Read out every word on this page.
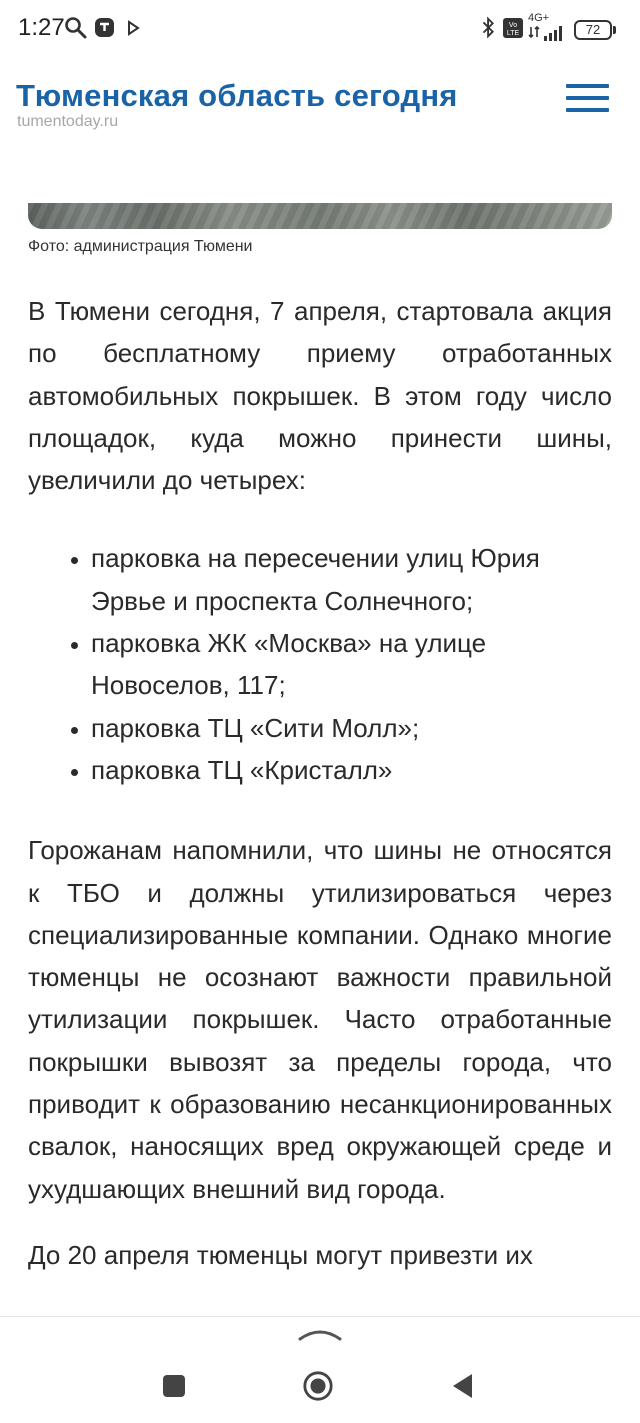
1:27	Vo
LTE
4G+
72
Тюменская область сегодня
tumentoday.ru
Фото: администрация Тюмени

В Тюмени сегодня, 7 апреля, стартовала акция по бесплатному приему отработанных автомобильных покрышек. В этом году число площадок, куда можно принести шины, увеличили до четырех:

• парковка на пересечении улиц Юрия Эрвье и проспекта Солнечного;
• парковка ЖК «Москва» на улице Новоселов, 117;
• парковка ТЦ «Сити Молл»;
• парковка ТЦ «Кристалл»

Горожанам напомнили, что шины не относятся к ТБО и должны утилизироваться через специализированные компании. Однако многие тюменцы не осознают важности правильной утилизации покрышек. Часто отработанные покрышки вывозят за пределы города, что приводит к образованию несанкционированных свалок, наносящих вред окружающей среде и ухудшающих внешний вид города.

До 20 апреля тюменцы могут привезти их
